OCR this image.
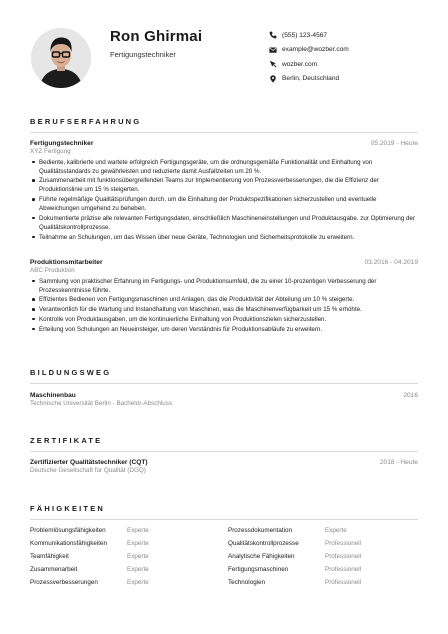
Ron Ghirmai
Fertigungstechniker
(555) 123-4567
example@wozber.com
wozber.com
Berlin, Deutschland
BERUFSERFAHRUNG
Fertigungstechniker	05.2019 - Heute
XYZ Fertigung
Bediente, kalibrierte und wartete erfolgreich Fertigungsgeräte, um die ordnungsgemäße Funktionalität und Einhaltung von Qualitätsstandards zu gewährleisten und reduzierte damit Ausfallzeiten um 20 %.
Zusammenarbeit mit funktionsübergreifenden Teams zur Implementierung von Prozessverbesserungen, die die Effizienz der Produktionslinie um 15 % steigerten.
Führte regelmäßige Qualitätsprüfungen durch, um die Einhaltung der Produktspezifikationen sicherzustellen und eventuelle Abweichungen umgehend zu beheben.
Dokumentierte präzise alle relevanten Fertigungsdaten, einschließlich Maschineneinstellungen und Produktausgabe, zur Optimierung der Qualitätskontrollprozesse.
Teilnahme an Schulungen, um das Wissen über neue Geräte, Technologien und Sicherheitsprotokolle zu erweitern.
Produktionsmitarbeiter	03.2016 - 04.2019
ABC Produktion
Sammlung von praktischer Erfahrung im Fertigungs- und Produktionsumfeld, die zu einer 10-prozentigen Verbesserung der Prozesskenntnisse führte.
Effizientes Bedienen von Fertigungsmaschinen und Anlagen, das die Produktivität der Abteilung um 10 % steigerte.
Verantwortlich für die Wartung und Instandhaltung von Maschinen, was die Maschinenverfügbarkeit um 15 % erhöhte.
Kontrolle von Produktausgaben, um die kontinuierliche Einhaltung von Produktionszielen sicherzustellen.
Erteilung von Schulungen an Neueinsteiger, um deren Verständnis für Produktionsabläufe zu erweitern.
BILDUNGSWEG
Maschinenbau	2016
Technische Universität Berlin - Bachelor-Abschluss
ZERTIFIKATE
Zertifizierter Qualitätstechniker (CQT)	2018 - Heute
Deutsche Gesellschaft für Qualität (DGQ)
FÄHIGKEITEN
Problemlösungsfähigkeiten	Experte	Prozessdokumentation	Experte
Kommunikationsfähigkeiten	Experte	Qualitätskontrollprozesse	Professionell
Teamfähigkeit	Experte	Analytische Fähigkeiten	Professionell
Zusammenarbeit	Experte	Fertigungsmaschinen	Professionell
Prozessverbesserungen	Experte	Technologien	Professionell
